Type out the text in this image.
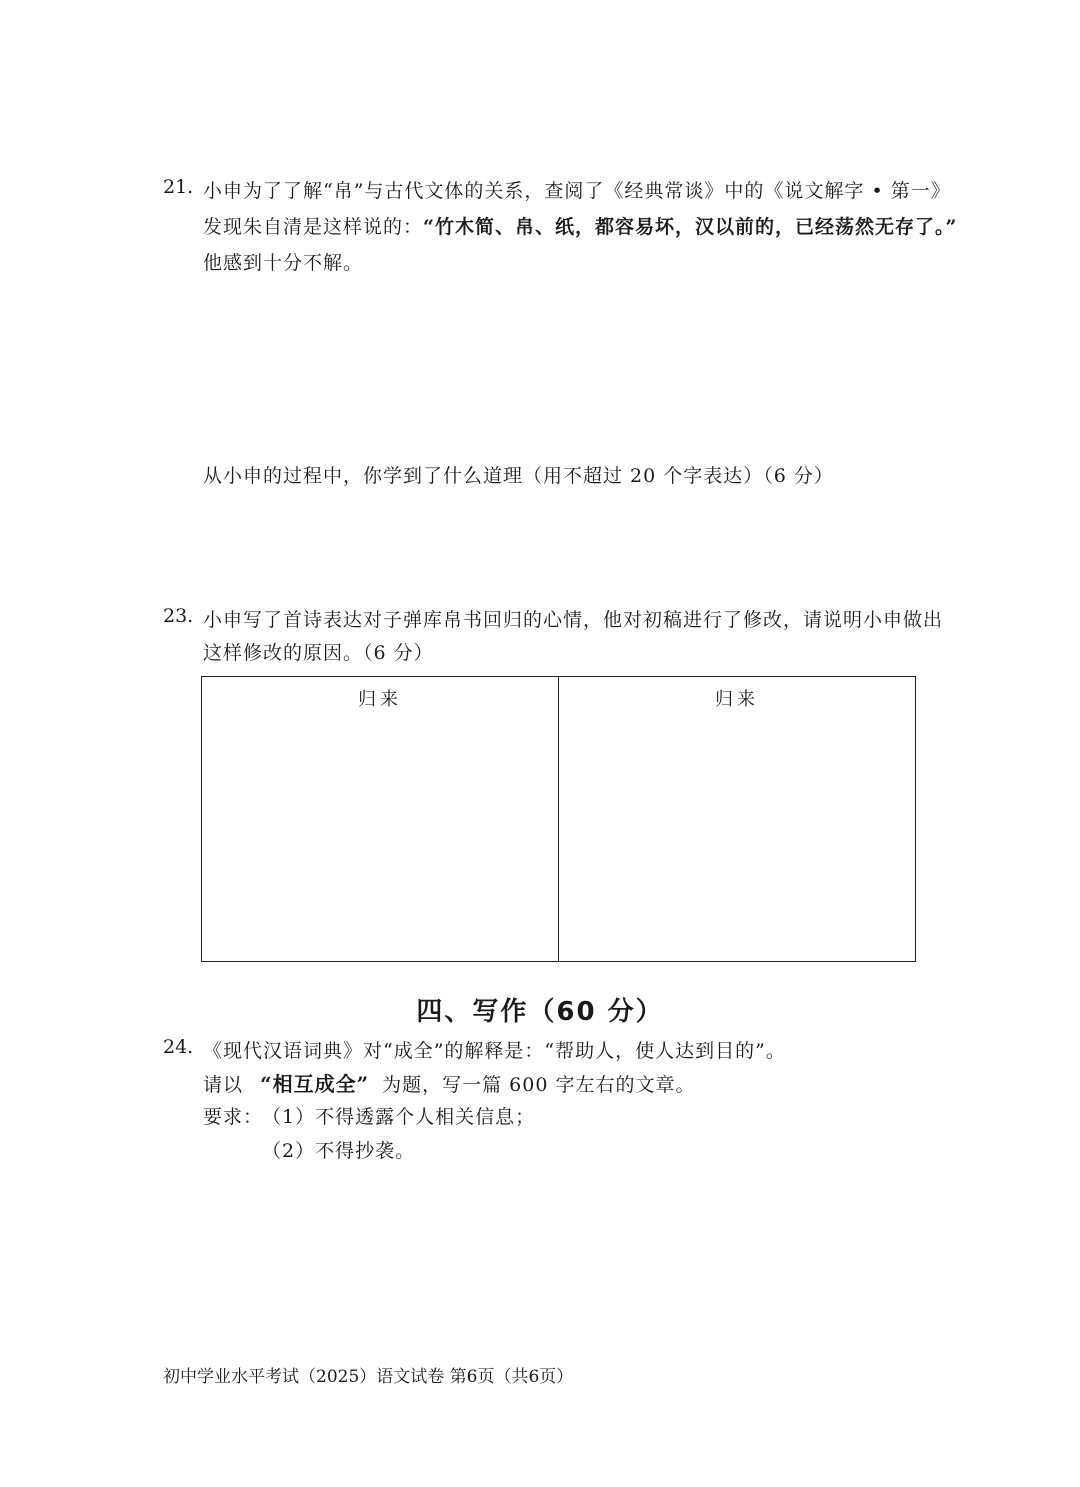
21. 小申为了了解“帛”与古代文体的关系，查阅了《经典常谈》中的《说文解字 • 第一》
发现朱自清是这样说的：“竹木简、帛、纸，都容易坏，汉以前的，已经荡然无存了。”
他感到十分不解。
从小申的过程中，你学到了什么道理（用不超过 20 个字表达）（6 分）
23. 小申写了首诗表达对子弹库帛书回归的心情，他对初稿进行了修改，请说明小申做出
这样修改的原因。（6 分）
归来	归来
四、写作（60 分）
24. 《现代汉语词典》对“成全”的解释是：“帮助人，使人达到目的”。
请以 “相互成全” 为题，写一篇 600 字左右的文章。
要求：
（1）不得透露个人相关信息；
（2）不得抄袭。
初中学业水平考试（2025）语文试卷 第6页（共6页）
